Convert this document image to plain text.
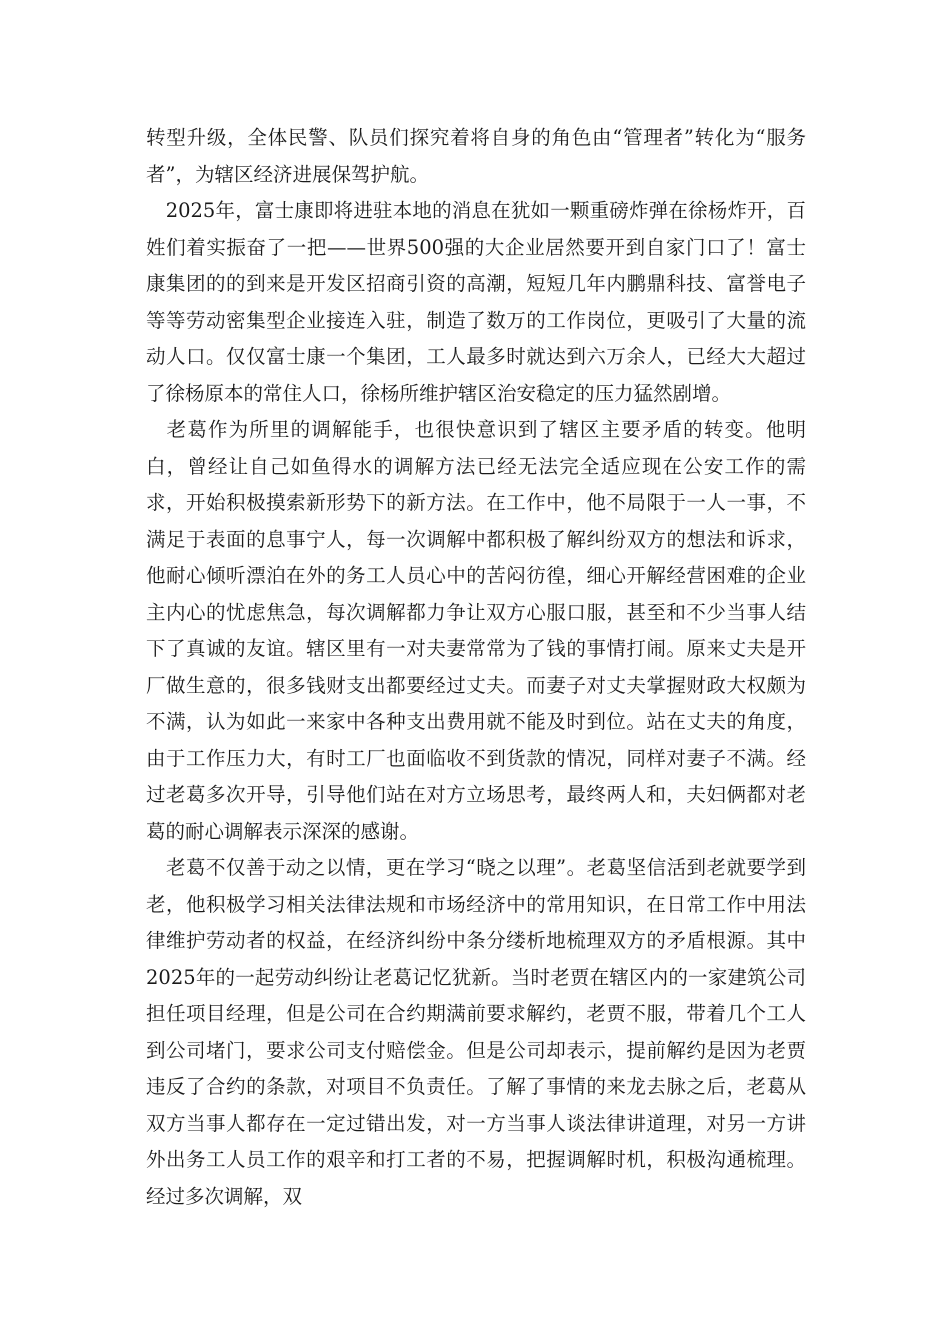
转型升级，全体民警、队员们探究着将自身的角色由“管理者”转化为“服务者”，为辖区经济进展保驾护航。

　2025年，富士康即将进驻本地的消息在犹如一颗重磅炸弹在徐杨炸开，百姓们着实振奋了一把——世界500强的大企业居然要开到自家门口了！富士康集团的的到来是开发区招商引资的高潮，短短几年内鹏鼎科技、富誉电子等等劳动密集型企业接连入驻，制造了数万的工作岗位，更吸引了大量的流动人口。仅仅富士康一个集团，工人最多时就达到六万余人，已经大大超过了徐杨原本的常住人口，徐杨所维护辖区治安稳定的压力猛然剧增。

　老葛作为所里的调解能手，也很快意识到了辖区主要矛盾的转变。他明白，曾经让自己如鱼得水的调解方法已经无法完全适应现在公安工作的需求，开始积极摸索新形势下的新方法。在工作中，他不局限于一人一事，不满足于表面的息事宁人，每一次调解中都积极了解纠纷双方的想法和诉求，他耐心倾听漂泊在外的务工人员心中的苦闷彷徨，细心开解经营困难的企业主内心的忧虑焦急，每次调解都力争让双方心服口服，甚至和不少当事人结下了真诚的友谊。辖区里有一对夫妻常常为了钱的事情打闹。原来丈夫是开厂做生意的，很多钱财支出都要经过丈夫。而妻子对丈夫掌握财政大权颇为不满，认为如此一来家中各种支出费用就不能及时到位。站在丈夫的角度，由于工作压力大，有时工厂也面临收不到货款的情况，同样对妻子不满。经过老葛多次开导，引导他们站在对方立场思考，最终两人和，夫妇俩都对老葛的耐心调解表示深深的感谢。

　老葛不仅善于动之以情，更在学习“晓之以理”。老葛坚信活到老就要学到老，他积极学习相关法律法规和市场经济中的常用知识，在日常工作中用法律维护劳动者的权益，在经济纠纷中条分缕析地梳理双方的矛盾根源。其中2025年的一起劳动纠纷让老葛记忆犹新。当时老贾在辖区内的一家建筑公司担任项目经理，但是公司在合约期满前要求解约，老贾不服，带着几个工人到公司堵门，要求公司支付赔偿金。但是公司却表示，提前解约是因为老贾违反了合约的条款，对项目不负责任。了解了事情的来龙去脉之后，老葛从双方当事人都存在一定过错出发，对一方当事人谈法律讲道理，对另一方讲外出务工人员工作的艰辛和打工者的不易，把握调解时机，积极沟通梳理。经过多次调解，双
